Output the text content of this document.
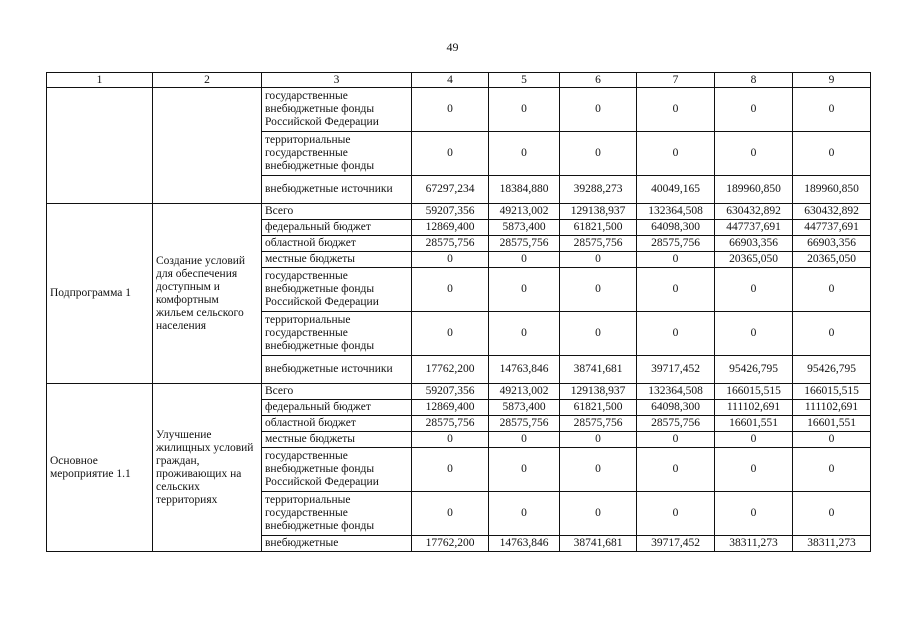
49
1	2	3	4	5	6	7	8	9
		государственные внебюджетные фонды Российской Федерации	0	0	0	0	0	0
		территориальные государственные внебюджетные фонды	0	0	0	0	0	0
		внебюджетные источники	67297,234	18384,880	39288,273	40049,165	189960,850	189960,850
Подпрограмма 1	Создание условий для обеспечения доступным и комфортным жильем сельского населения	Всего	59207,356	49213,002	129138,937	132364,508	630432,892	630432,892
		федеральный бюджет	12869,400	5873,400	61821,500	64098,300	447737,691	447737,691
		областной бюджет	28575,756	28575,756	28575,756	28575,756	66903,356	66903,356
		местные бюджеты	0	0	0	0	20365,050	20365,050
		государственные внебюджетные фонды Российской Федерации	0	0	0	0	0	0
		территориальные государственные внебюджетные фонды	0	0	0	0	0	0
		внебюджетные источники	17762,200	14763,846	38741,681	39717,452	95426,795	95426,795
Основное мероприятие 1.1	Улучшение жилищных условий граждан, проживающих на сельских территориях	Всего	59207,356	49213,002	129138,937	132364,508	166015,515	166015,515
		федеральный бюджет	12869,400	5873,400	61821,500	64098,300	111102,691	111102,691
		областной бюджет	28575,756	28575,756	28575,756	28575,756	16601,551	16601,551
		местные бюджеты	0	0	0	0	0	0
		государственные внебюджетные фонды Российской Федерации	0	0	0	0	0	0
		территориальные государственные внебюджетные фонды	0	0	0	0	0	0
		внебюджетные	17762,200	14763,846	38741,681	39717,452	38311,273	38311,273
